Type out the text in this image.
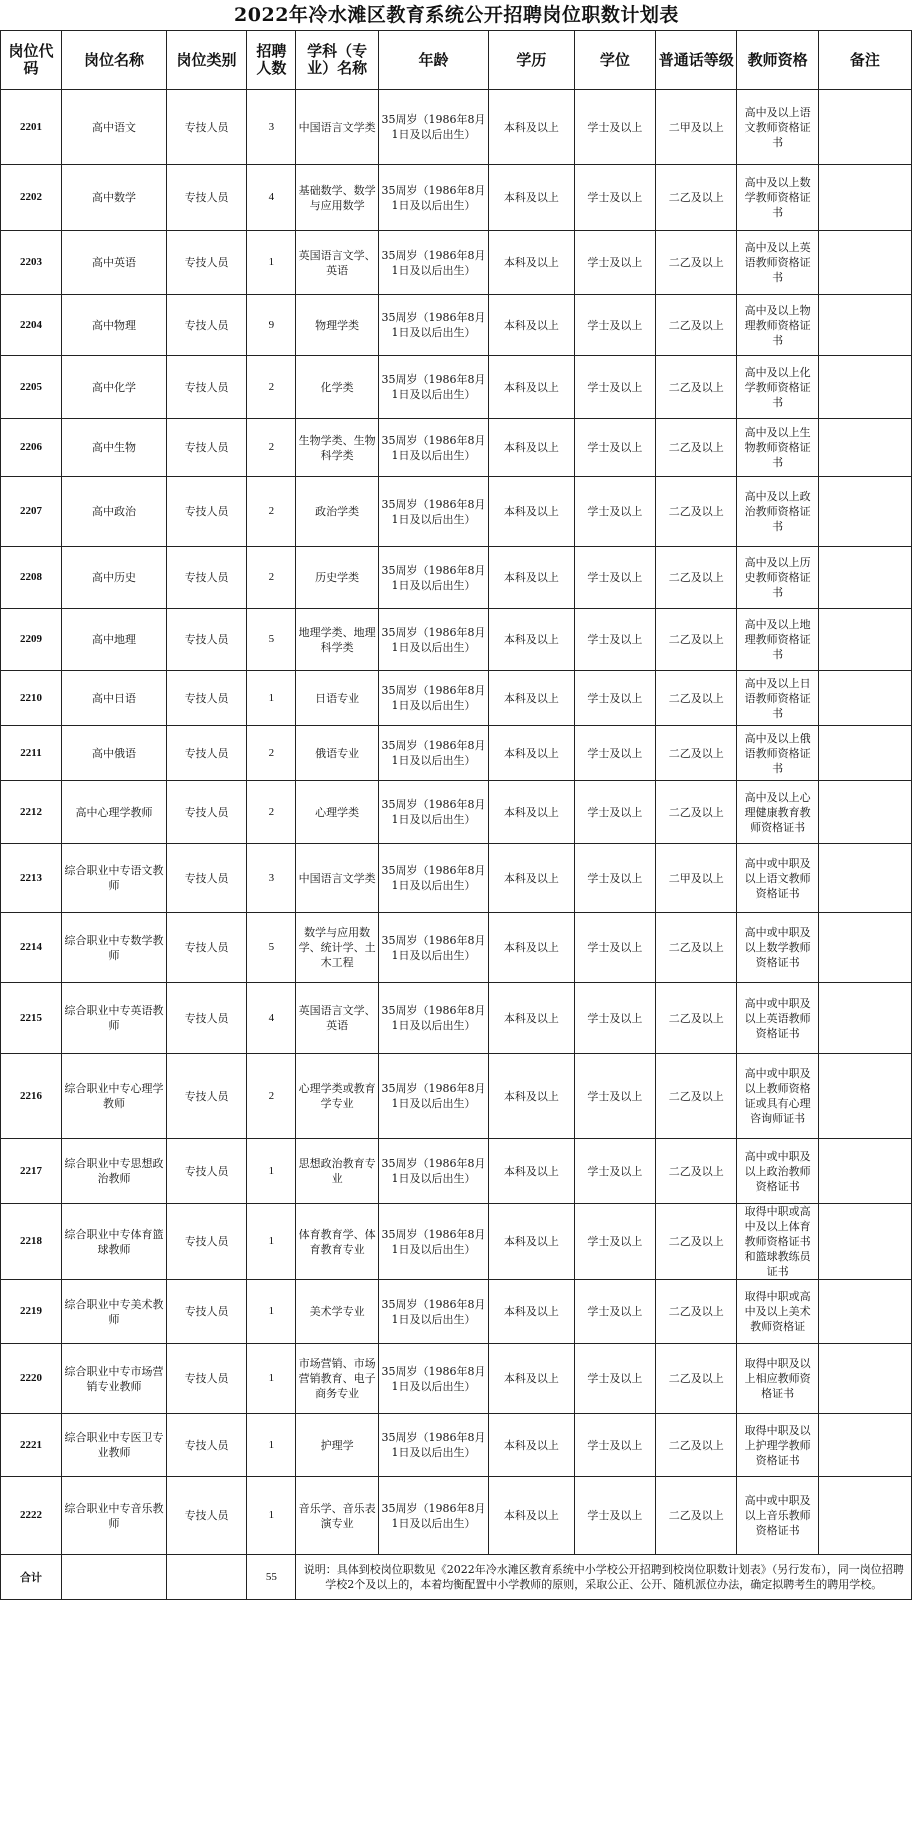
2022年冷水滩区教育系统公开招聘岗位职数计划表
岗位代码	岗位名称	岗位类别	招聘人数	学科（专业）名称	年龄	学历	学位	普通话等级	教师资格	备注
2201	高中语文	专技人员	3	中国语言文学类	35周岁（1986年8月1日及以后出生）	本科及以上	学士及以上	二甲及以上	高中及以上语文教师资格证书	
2202	高中数学	专技人员	4	基础数学、数学与应用数学	35周岁（1986年8月1日及以后出生）	本科及以上	学士及以上	二乙及以上	高中及以上数学教师资格证书	
2203	高中英语	专技人员	1	英国语言文学、英语	35周岁（1986年8月1日及以后出生）	本科及以上	学士及以上	二乙及以上	高中及以上英语教师资格证书	
2204	高中物理	专技人员	9	物理学类	35周岁（1986年8月1日及以后出生）	本科及以上	学士及以上	二乙及以上	高中及以上物理教师资格证书	
2205	高中化学	专技人员	2	化学类	35周岁（1986年8月1日及以后出生）	本科及以上	学士及以上	二乙及以上	高中及以上化学教师资格证书	
2206	高中生物	专技人员	2	生物学类、生物科学类	35周岁（1986年8月1日及以后出生）	本科及以上	学士及以上	二乙及以上	高中及以上生物教师资格证书	
2207	高中政治	专技人员	2	政治学类	35周岁（1986年8月1日及以后出生）	本科及以上	学士及以上	二乙及以上	高中及以上政治教师资格证书	
2208	高中历史	专技人员	2	历史学类	35周岁（1986年8月1日及以后出生）	本科及以上	学士及以上	二乙及以上	高中及以上历史教师资格证书	
2209	高中地理	专技人员	5	地理学类、地理科学类	35周岁（1986年8月1日及以后出生）	本科及以上	学士及以上	二乙及以上	高中及以上地理教师资格证书	
2210	高中日语	专技人员	1	日语专业	35周岁（1986年8月1日及以后出生）	本科及以上	学士及以上	二乙及以上	高中及以上日语教师资格证书	
2211	高中俄语	专技人员	2	俄语专业	35周岁（1986年8月1日及以后出生）	本科及以上	学士及以上	二乙及以上	高中及以上俄语教师资格证书	
2212	高中心理学教师	专技人员	2	心理学类	35周岁（1986年8月1日及以后出生）	本科及以上	学士及以上	二乙及以上	高中及以上心理健康教育教师资格证书	
2213	综合职业中专语文教师	专技人员	3	中国语言文学类	35周岁（1986年8月1日及以后出生）	本科及以上	学士及以上	二甲及以上	高中或中职及以上语文教师资格证书	
2214	综合职业中专数学教师	专技人员	5	数学与应用数学、统计学、土木工程	35周岁（1986年8月1日及以后出生）	本科及以上	学士及以上	二乙及以上	高中或中职及以上数学教师资格证书	
2215	综合职业中专英语教师	专技人员	4	英国语言文学、英语	35周岁（1986年8月1日及以后出生）	本科及以上	学士及以上	二乙及以上	高中或中职及以上英语教师资格证书	
2216	综合职业中专心理学教师	专技人员	2	心理学类或教育学专业	35周岁（1986年8月1日及以后出生）	本科及以上	学士及以上	二乙及以上	高中或中职及以上教师资格证或具有心理咨询师证书	
2217	综合职业中专思想政治教师	专技人员	1	思想政治教育专业	35周岁（1986年8月1日及以后出生）	本科及以上	学士及以上	二乙及以上	高中或中职及以上政治教师资格证书	
2218	综合职业中专体育篮球教师	专技人员	1	体育教育学、体育教育专业	35周岁（1986年8月1日及以后出生）	本科及以上	学士及以上	二乙及以上	取得中职或高中及以上体育教师资格证书和篮球教练员证书	
2219	综合职业中专美术教师	专技人员	1	美术学专业	35周岁（1986年8月1日及以后出生）	本科及以上	学士及以上	二乙及以上	取得中职或高中及以上美术教师资格证	
2220	综合职业中专市场营销专业教师	专技人员	1	市场营销、市场营销教育、电子商务专业	35周岁（1986年8月1日及以后出生）	本科及以上	学士及以上	二乙及以上	取得中职及以上相应教师资格证书	
2221	综合职业中专医卫专业教师	专技人员	1	护理学	35周岁（1986年8月1日及以后出生）	本科及以上	学士及以上	二乙及以上	取得中职及以上护理学教师资格证书	
2222	综合职业中专音乐教师	专技人员	1	音乐学、音乐表演专业	35周岁（1986年8月1日及以后出生）	本科及以上	学士及以上	二乙及以上	高中或中职及以上音乐教师资格证书	
合计			55	说明：具体到校岗位职数见《2022年冷水滩区教育系统中小学校公开招聘到校岗位职数计划表》（另行发布），同一岗位招聘学校2个及以上的，本着均衡配置中小学教师的原则，采取公正、公开、随机派位办法，确定拟聘考生的聘用学校。						
